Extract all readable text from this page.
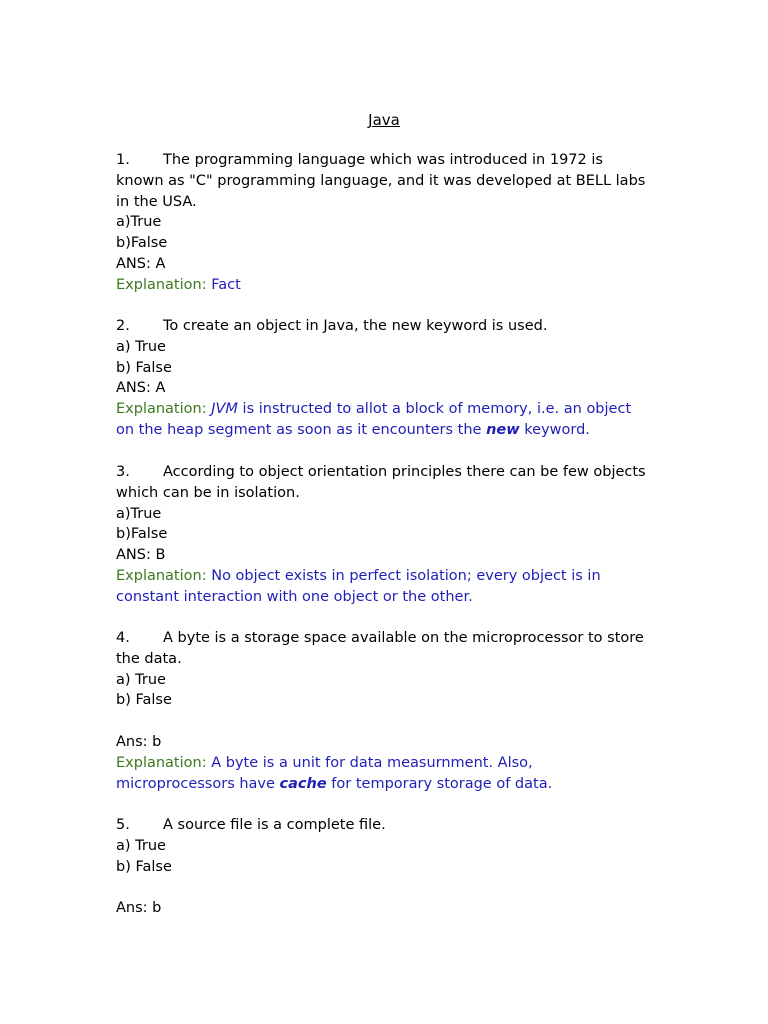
Java
1. The programming language which was introduced in 1972 is
known as "C" programming language, and it was developed at BELL labs
in the USA.
a)True
b)False
ANS: A
Explanation: Fact
2. To create an object in Java, the new keyword is used.
a) True
b) False
ANS: A
Explanation: JVM is instructed to allot a block of memory, i.e. an object
on the heap segment as soon as it encounters the new keyword.
3. According to object orientation principles there can be few objects
which can be in isolation.
a)True
b)False
ANS: B
Explanation: No object exists in perfect isolation; every object is in
constant interaction with one object or the other.
4. A byte is a storage space available on the microprocessor to store
the data.
a) True
b) False

Ans: b
Explanation: A byte is a unit for data measurnment. Also,
microprocessors have cache for temporary storage of data.
5. A source file is a complete file.
a) True
b) False

Ans: b
